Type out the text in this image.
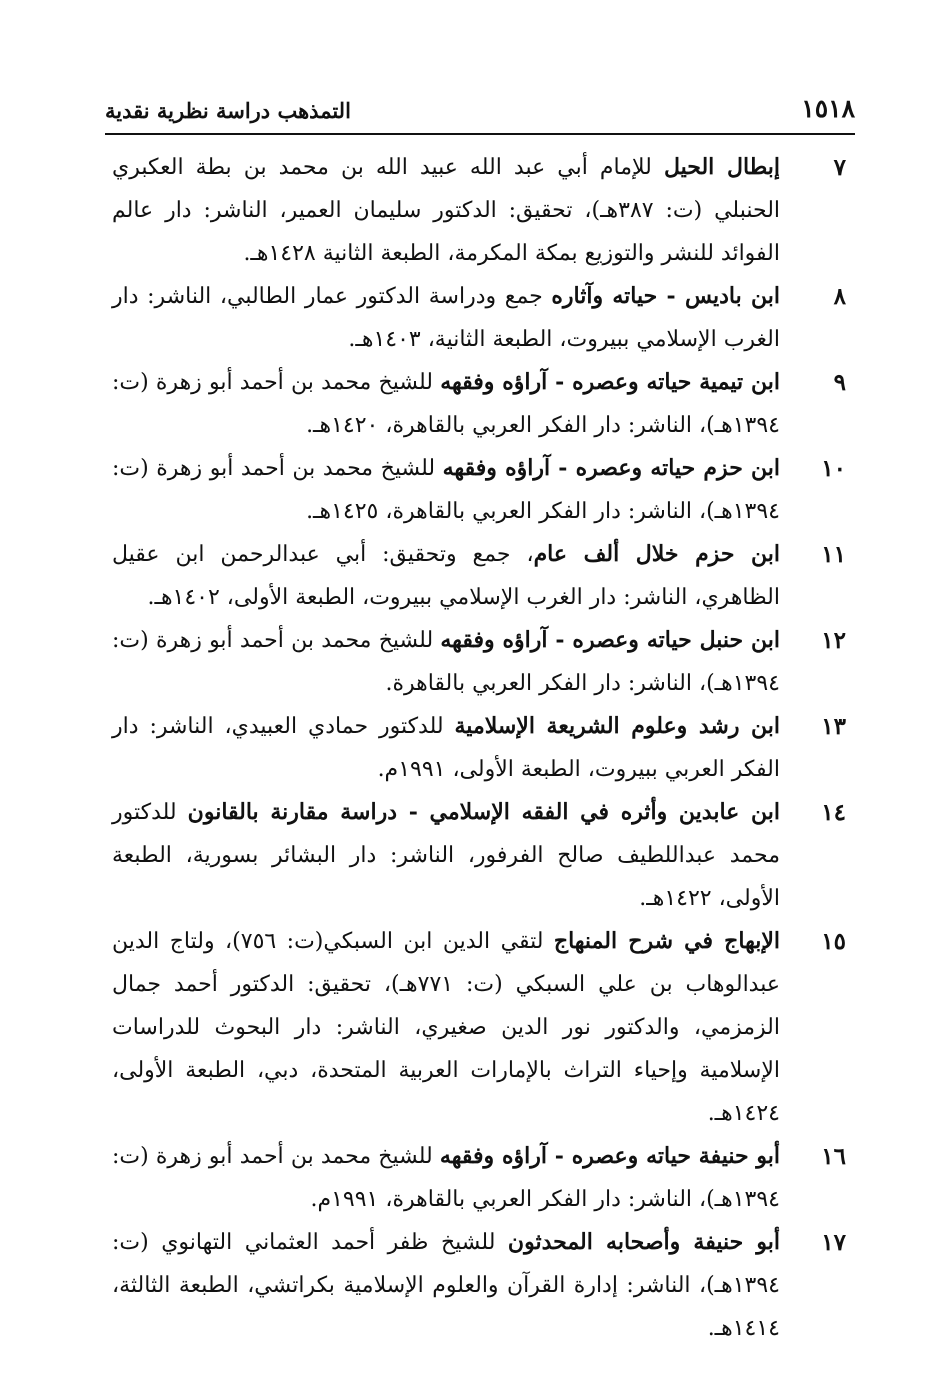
التمذهب دراسة نظرية نقدية	١٥١٨
٧
إبطال الحيل للإمام أبي عبد الله عبيد الله بن محمد بن بطة العكبري الحنبلي (ت: ٣٨٧هـ)، تحقيق: الدكتور سليمان العمير، الناشر: دار عالم الفوائد للنشر والتوزيع بمكة المكرمة، الطبعة الثانية ١٤٢٨هـ.
٨
ابن باديس - حياته وآثاره جمع ودراسة الدكتور عمار الطالبي، الناشر: دار الغرب الإسلامي ببيروت، الطبعة الثانية، ١٤٠٣هـ.
٩
ابن تيمية حياته وعصره - آراؤه وفقهه للشيخ محمد بن أحمد أبو زهرة (ت: ١٣٩٤هـ)، الناشر: دار الفكر العربي بالقاهرة، ١٤٢٠هـ.
١٠
ابن حزم حياته وعصره - آراؤه وفقهه للشيخ محمد بن أحمد أبو زهرة (ت: ١٣٩٤هـ)، الناشر: دار الفكر العربي بالقاهرة، ١٤٢٥هـ.
١١
ابن حزم خلال ألف عام، جمع وتحقيق: أبي عبدالرحمن ابن عقيل الظاهري، الناشر: دار الغرب الإسلامي ببيروت، الطبعة الأولى، ١٤٠٢هـ.
١٢
ابن حنبل حياته وعصره - آراؤه وفقهه للشيخ محمد بن أحمد أبو زهرة (ت: ١٣٩٤هـ)، الناشر: دار الفكر العربي بالقاهرة.
١٣
ابن رشد وعلوم الشريعة الإسلامية للدكتور حمادي العبيدي، الناشر: دار الفكر العربي ببيروت، الطبعة الأولى، ١٩٩١م.
١٤
ابن عابدين وأثره في الفقه الإسلامي - دراسة مقارنة بالقانون للدكتور محمد عبداللطيف صالح الفرفور، الناشر: دار البشائر بسورية، الطبعة الأولى، ١٤٢٢هـ.
١٥
الإبهاج في شرح المنهاج لتقي الدين ابن السبكي(ت: ٧٥٦)، ولتاج الدين عبدالوهاب بن علي السبكي (ت: ٧٧١هـ)، تحقيق: الدكتور أحمد جمال الزمزمي، والدكتور نور الدين صغيري، الناشر: دار البحوث للدراسات الإسلامية وإحياء التراث بالإمارات العربية المتحدة، دبي، الطبعة الأولى، ١٤٢٤هـ.
١٦
أبو حنيفة حياته وعصره - آراؤه وفقهه للشيخ محمد بن أحمد أبو زهرة (ت: ١٣٩٤هـ)، الناشر: دار الفكر العربي بالقاهرة، ١٩٩١م.
١٧
أبو حنيفة وأصحابه المحدثون للشيخ ظفر أحمد العثماني التهانوي (ت: ١٣٩٤هـ)، الناشر: إدارة القرآن والعلوم الإسلامية بكراتشي، الطبعة الثالثة، ١٤١٤هـ.
